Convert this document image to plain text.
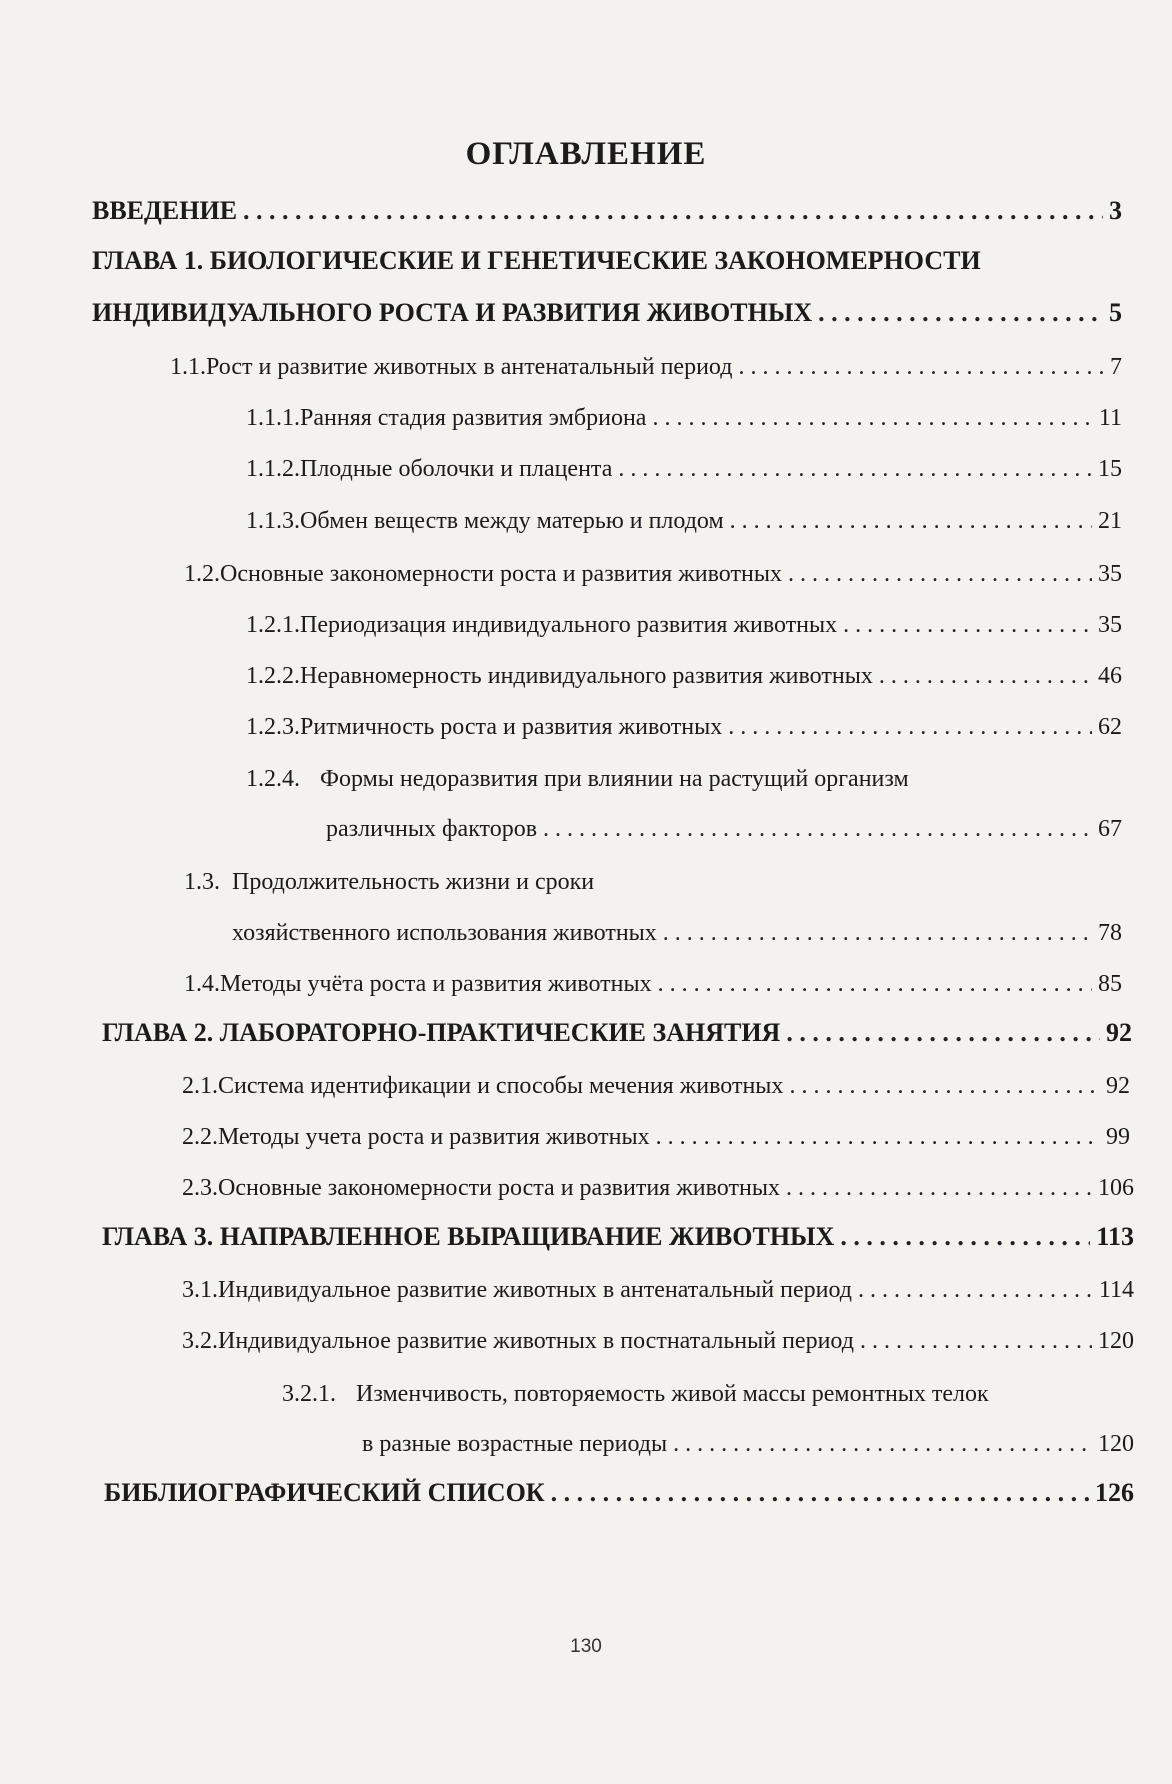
ОГЛАВЛЕНИЕ
ВВЕДЕНИЕ . . .	3
ГЛАВА 1. БИОЛОГИЧЕСКИЕ И ГЕНЕТИЧЕСКИЕ ЗАКОНОМЕРНОСТИ
ИНДИВИДУАЛЬНОГО РОСТА И РАЗВИТИЯ ЖИВОТНЫХ . . .	5
1.1. Рост и развитие животных в антенатальный период . . .	7
1.1.1. Ранняя стадия развития эмбриона . . .	11
1.1.2. Плодные оболочки и плацента . . .	15
1.1.3. Обмен веществ между матерью и плодом . . .	21
1.2. Основные закономерности роста и развития животных . . .	35
1.2.1. Периодизация индивидуального развития животных . . .	35
1.2.2. Неравномерность индивидуального развития животных . . .	46
1.2.3. Ритмичность роста и развития животных . . .	62
1.2.4. Формы недоразвития при влиянии на растущий организм
различных факторов . . .	67
1.3. Продолжительность жизни и сроки
хозяйственного использования животных . . .	78
1.4. Методы учёта роста и развития животных . . .	85
ГЛАВА 2. ЛАБОРАТОРНО-ПРАКТИЧЕСКИЕ ЗАНЯТИЯ . . .	92
2.1. Система идентификации и способы мечения животных . . .	92
2.2. Методы учета роста и развития животных . . .	99
2.3. Основные закономерности роста и развития животных . . .	106
ГЛАВА 3. НАПРАВЛЕННОЕ ВЫРАЩИВАНИЕ ЖИВОТНЫХ . . .	113
3.1. Индивидуальное развитие животных в антенатальный период . . .	114
3.2. Индивидуальное развитие животных в постнатальный период . . .	120
3.2.1. Изменчивость, повторяемость живой массы ремонтных телок
в разные возрастные периоды . . .	120
БИБЛИОГРАФИЧЕСКИЙ СПИСОК . . .	126
130
